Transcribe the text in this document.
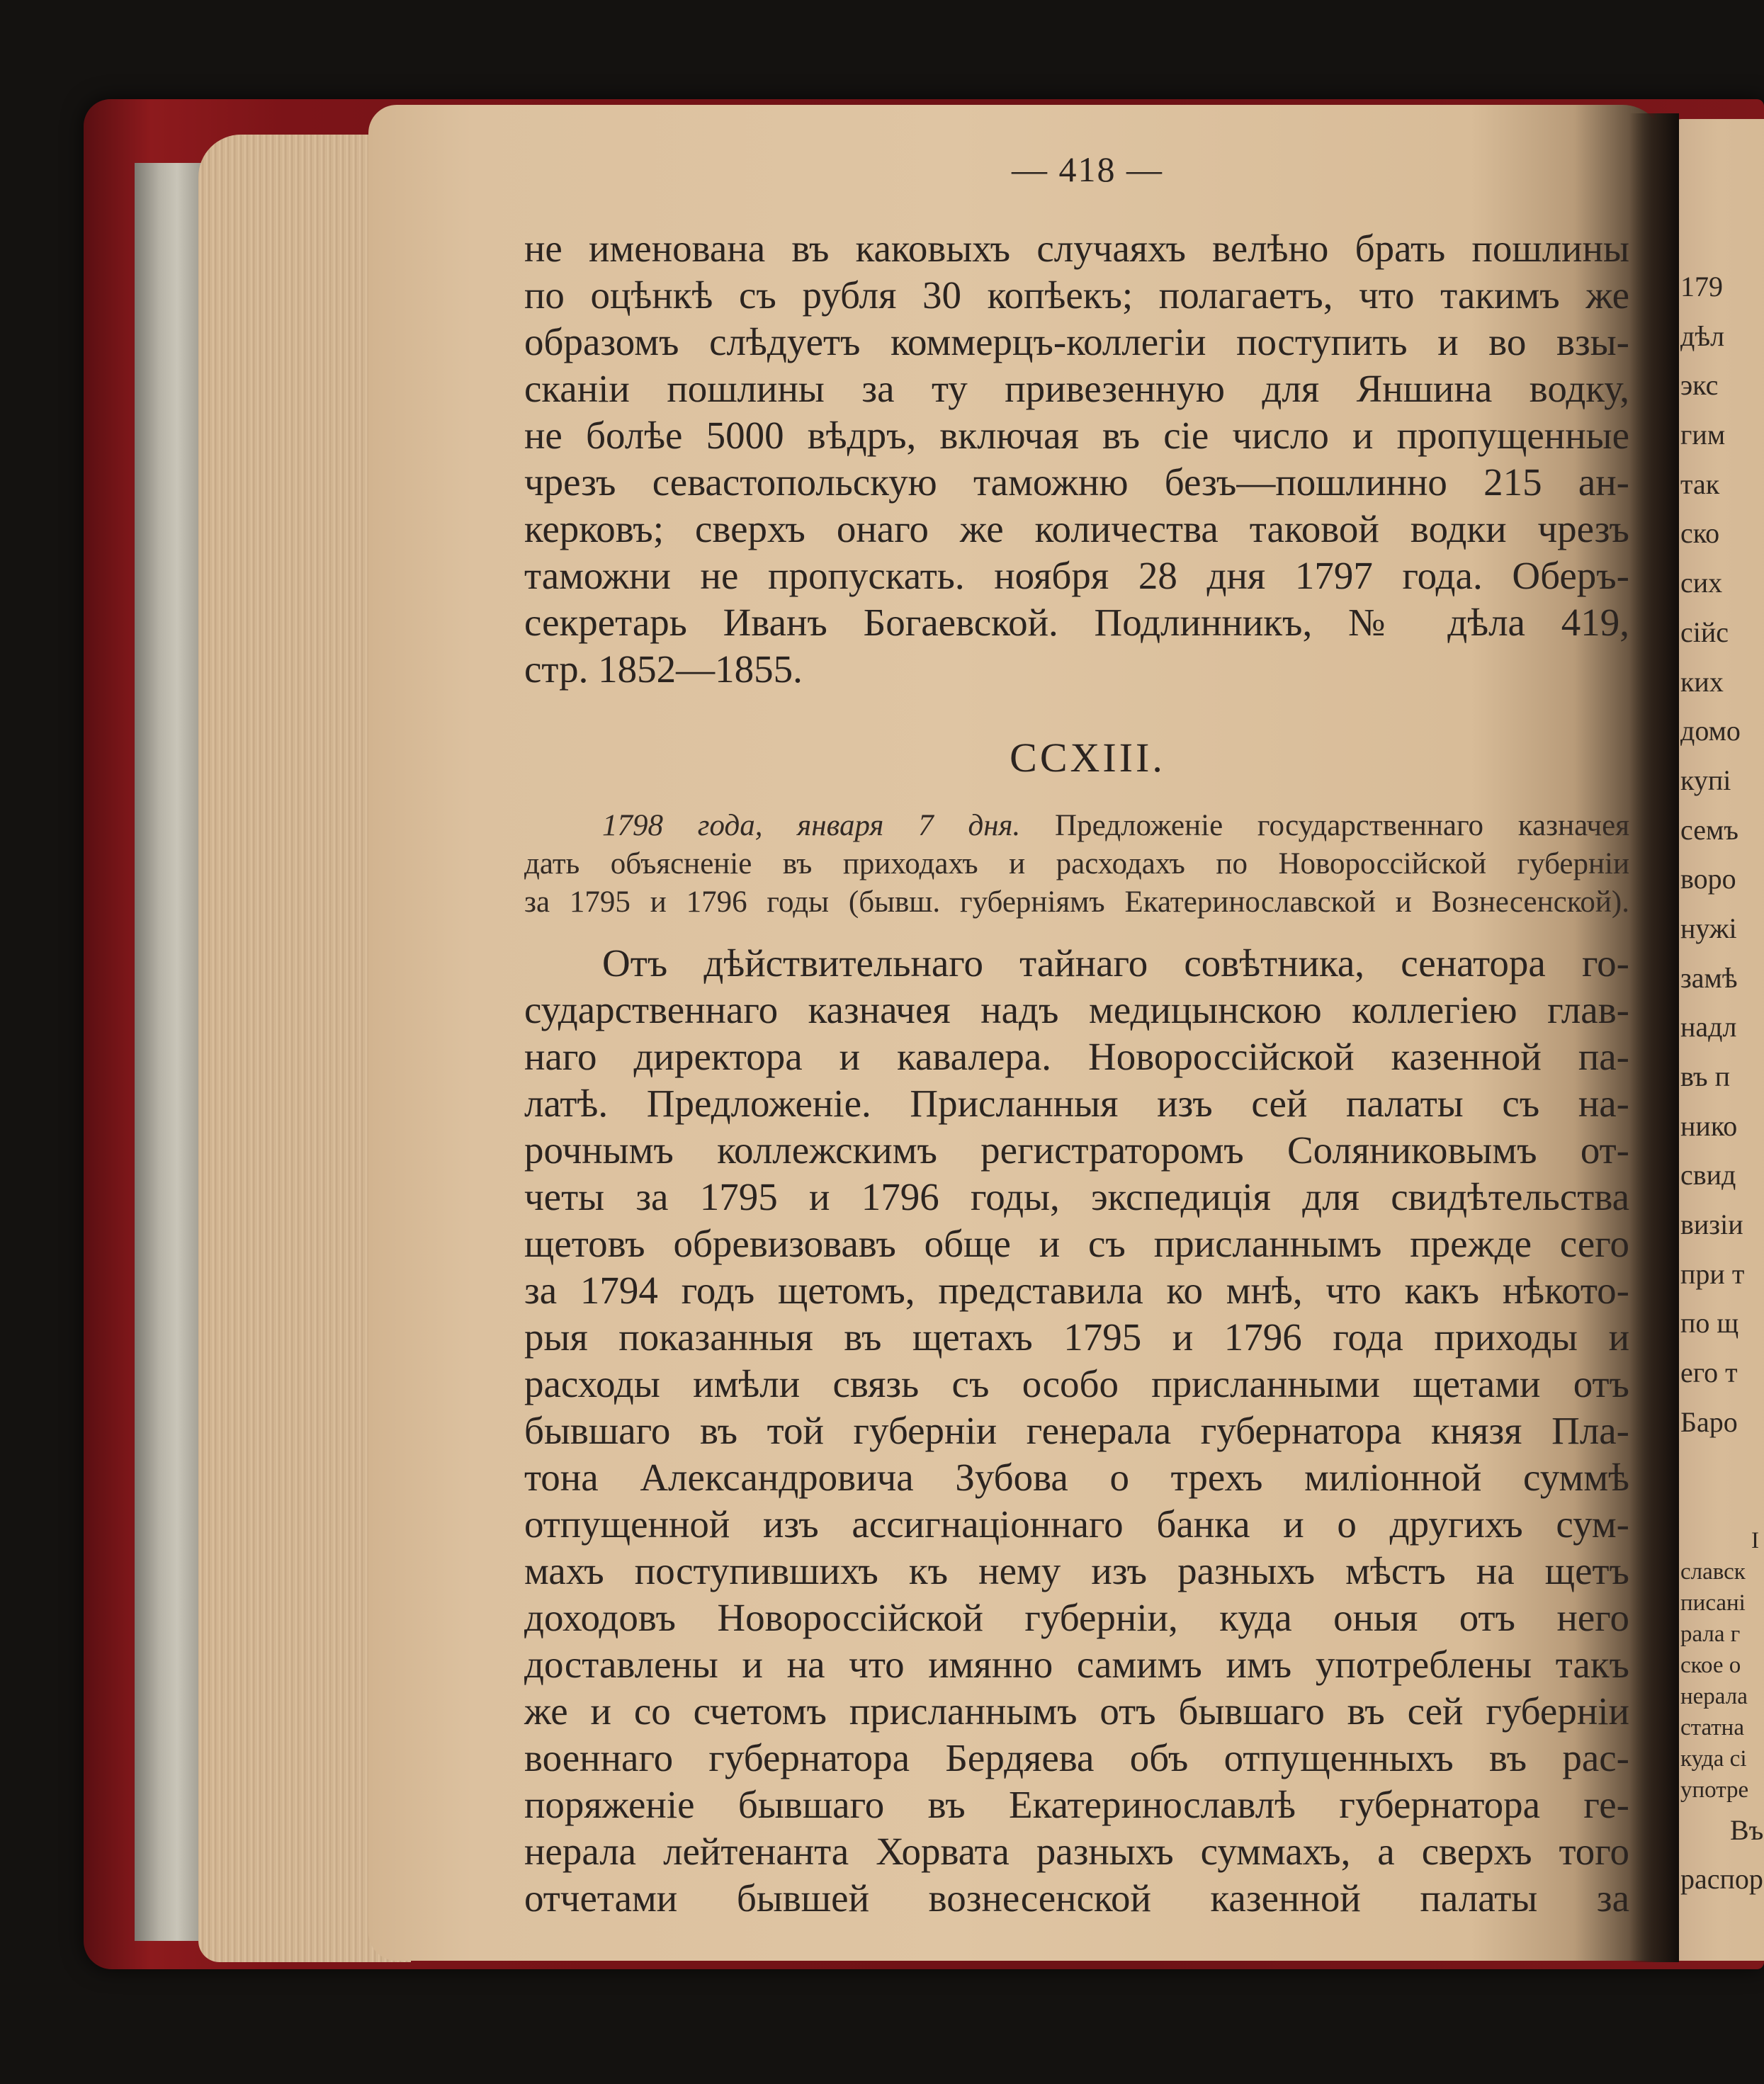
— 418 —
не именована въ каковыхъ случаяхъ велѣно брать пошлины
по оцѣнкѣ съ рубля 30 копѣекъ; полагаетъ, что такимъ же
образомъ слѣдуетъ коммерцъ-коллегіи поступить и во взы-
сканіи пошлины за ту привезенную для Яншина водку,
не болѣе 5000 вѣдръ, включая въ сіе число и пропущенные
чрезъ севастопольскую таможню безъ—пошлинно 215 ан-
керковъ; сверхъ онаго же количества таковой водки чрезъ
таможни не пропускать. ноября 28 дня 1797 года. Оберъ-
секретарь Иванъ Богаевской. Подлинникъ, № дѣла 419,
стр. 1852—1855.
CCXIII.
1798 года, января 7 дня. Предложеніе государственнаго казначея
дать объясненіе въ приходахъ и расходахъ по Новороссійской губерніи
за 1795 и 1796 годы (бывш. губерніямъ Екатеринославской и Вознесенской).
Отъ дѣйствительнаго тайнаго совѣтника, сенатора го-
сударственнаго казначея надъ медицынскою коллегіею глав-
наго директора и кавалера. Новороссійской казенной па-
латѣ. Предложеніе. Присланныя изъ сей палаты съ на-
рочнымъ коллежскимъ регистраторомъ Соляниковымъ от-
четы за 1795 и 1796 годы, экспедиція для свидѣтельства
щетовъ обревизовавъ обще и съ присланнымъ прежде сего
за 1794 годъ щетомъ, представила ко мнѣ, что какъ нѣкото-
рыя показанныя въ щетахъ 1795 и 1796 года приходы и
расходы имѣли связь съ особо присланными щетами отъ
бывшаго въ той губерніи генерала губернатора князя Пла-
тона Александровича Зубова о трехъ миліонной суммѣ
отпущенной изъ ассигнаціоннаго банка и о другихъ сум-
махъ поступившихъ къ нему изъ разныхъ мѣстъ на щетъ
доходовъ Новороссійской губерніи, куда оныя отъ него
доставлены и на что имянно самимъ имъ употреблены такъ
же и со счетомъ присланнымъ отъ бывшаго въ сей губерніи
военнаго губернатора Бердяева объ отпущенныхъ въ рас-
поряженіе бывшаго въ Екатеринославлѣ губернатора ге-
нерала лейтенанта Хорвата разныхъ суммахъ, а сверхъ того
отчетами бывшей вознесенской казенной палаты за
179
дѣл
экс
гим
так
ско
сих
сійс
ких
домо
купі
семъ
воро
нужі
замѣ
надл
въ п
нико
свид
визіи
при т
по щ
его т
Баро
І
славск
писані
рала г
ское о
нерала
статна
куда сі
употре
Въ
распор
